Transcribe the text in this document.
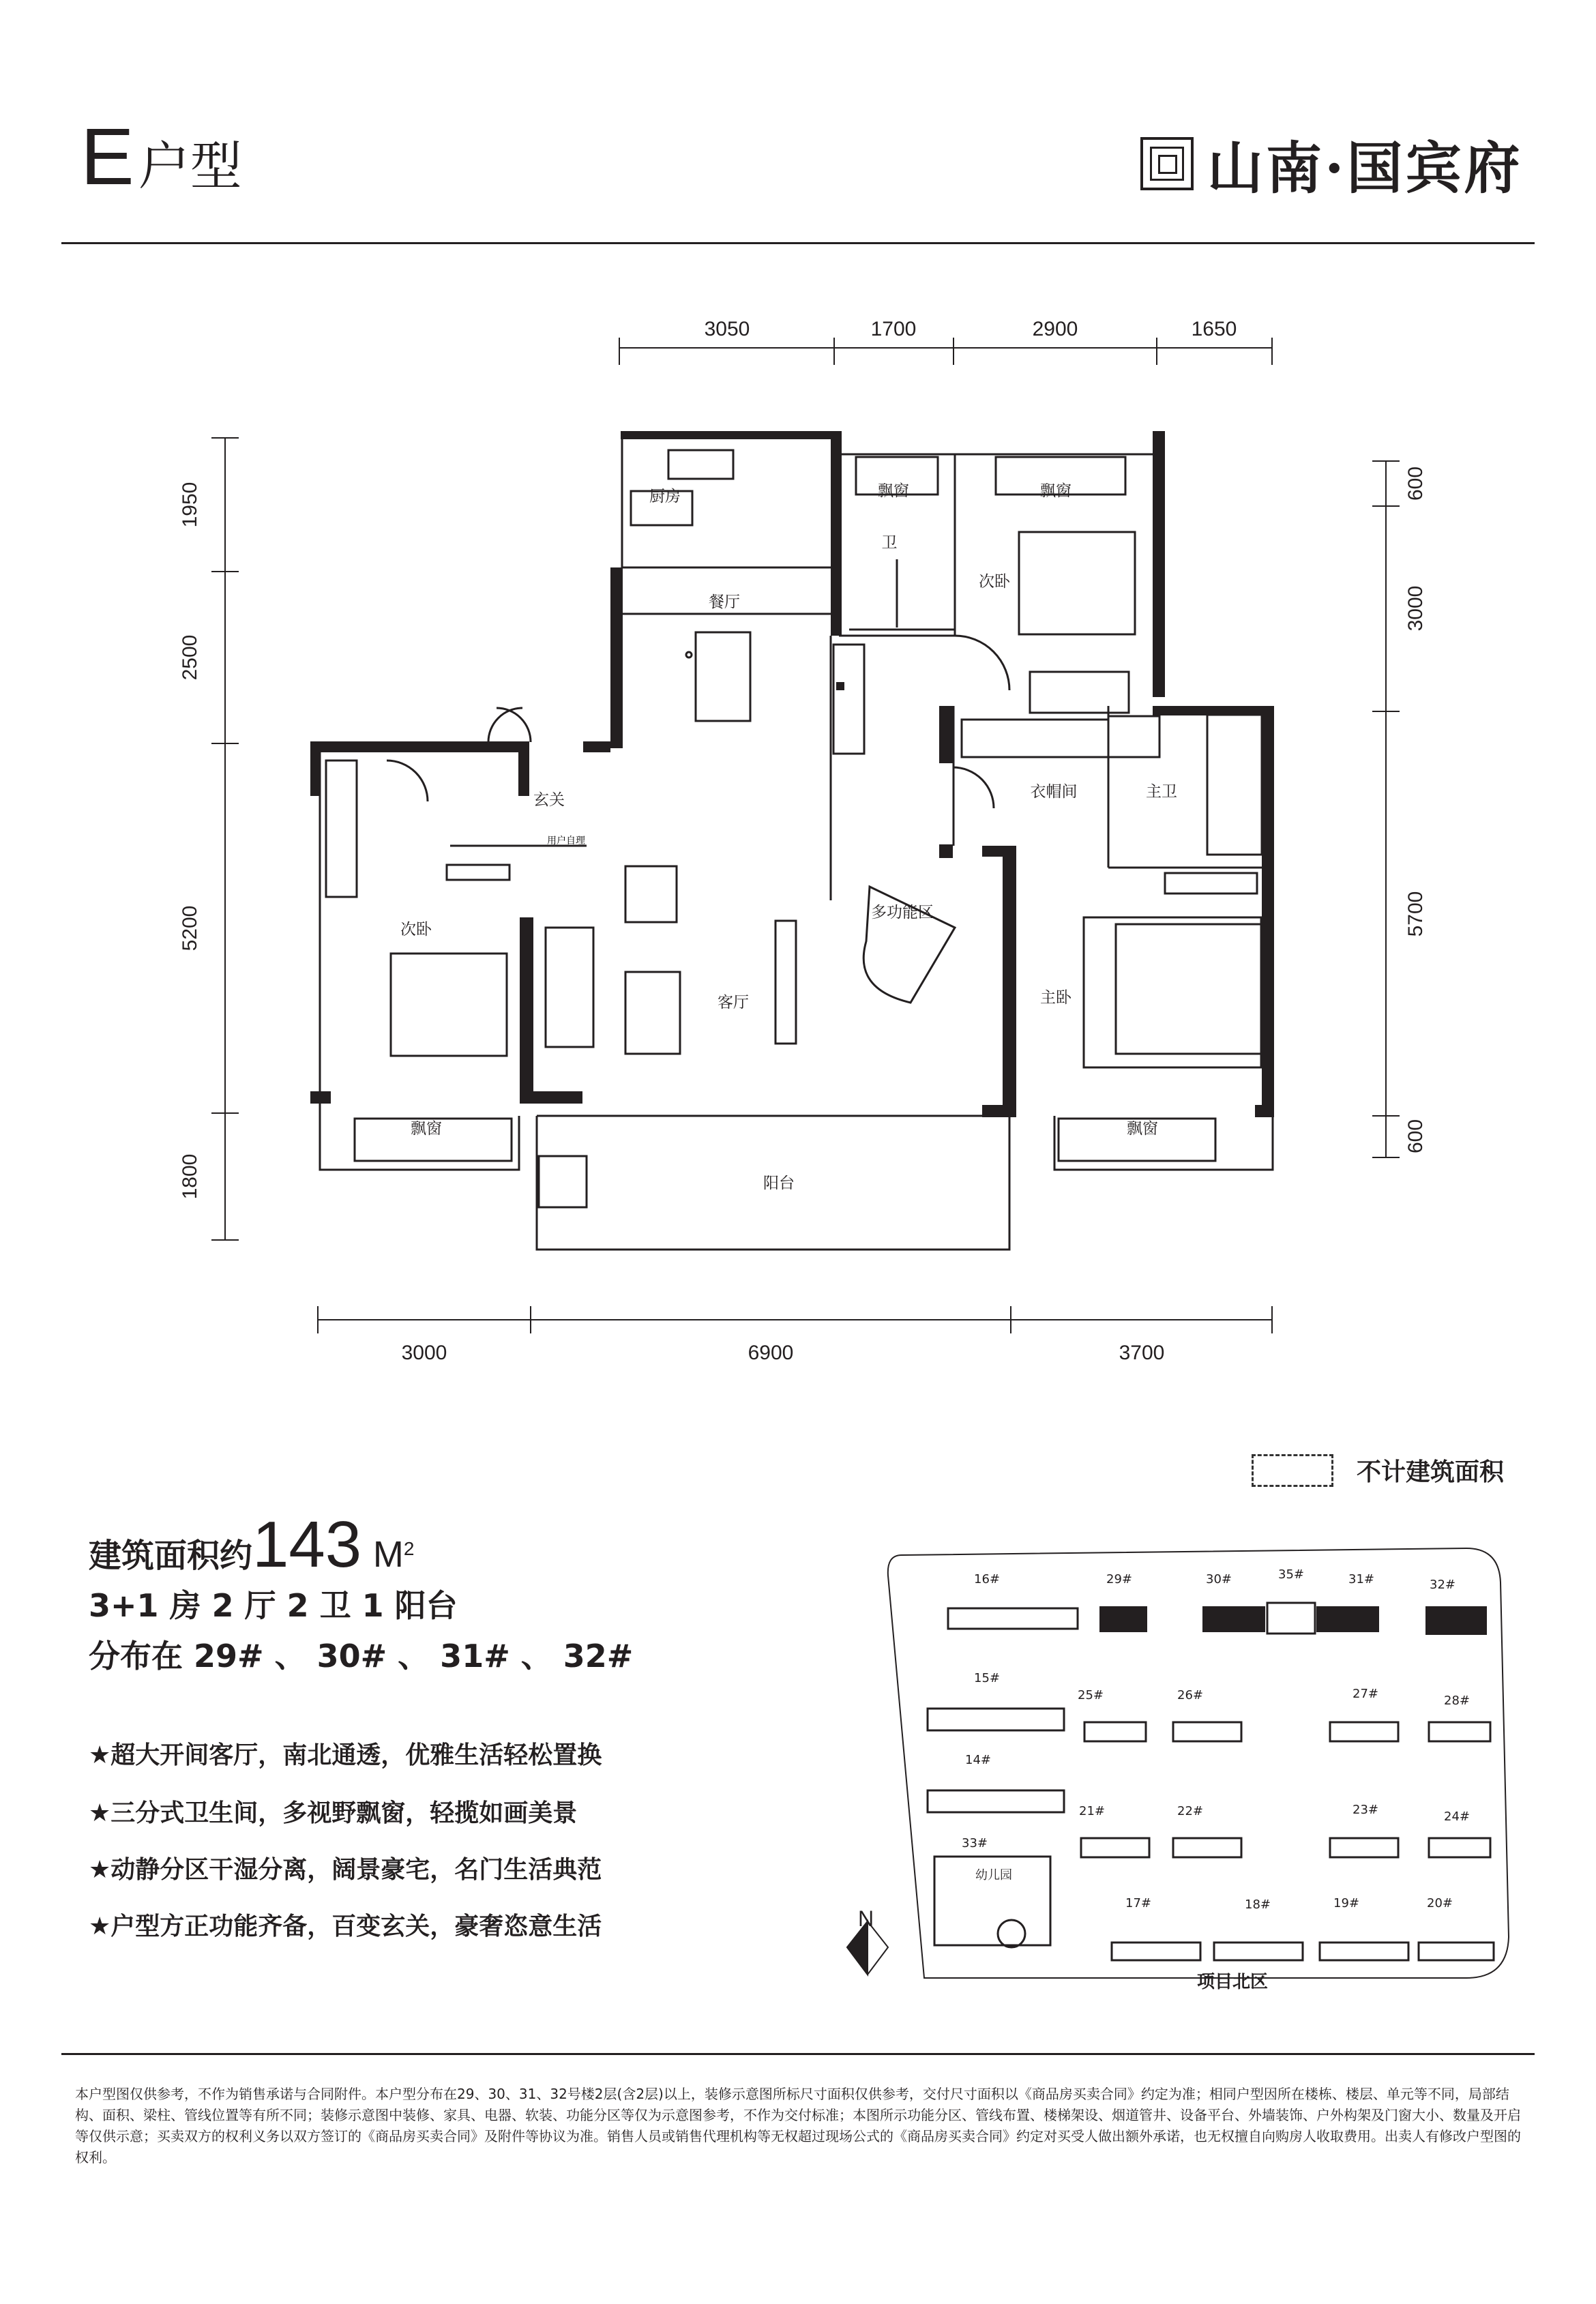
E户型	山南·国宾府
3050	1700	2900	1650
3000	6900	3700
1950
2500
5200
1800
600
3000
5700
600
厨房
餐厅
卫
飘窗	飘窗
次卧
玄关
用户自理
次卧
客厅
多功能区
衣帽间	主卫
主卧
飘窗	飘窗
阳台
N
项目北区
幼儿园
16#	29#	30#	35#	31#	32#
15#
25#	26#	27#	28#
14#
21#	22#	23#	24#
33#
17#	18#	19#	20#
不计建筑面积
建筑面积约143 $M^2$
3+1 房 2 厅 2 卫 1 阳台
分布在 29# 、 30# 、 31# 、 32#
★超大开间客厅，南北通透，优雅生活轻松置换
★三分式卫生间，多视野飘窗，轻揽如画美景
★动静分区干湿分离，阔景豪宅，名门生活典范
★户型方正功能齐备，百变玄关，豪奢恣意生活
本户型图仅供参考，不作为销售承诺与合同附件。本户型分布在29、30、31、32号楼2层(含2层)以上，装修示意图所标尺寸面积仅供参考，交付尺寸面积以《商品房买卖合同》约定为准；相同户型因所在楼栋、楼层、单元等不同，局部结构、面积、梁柱、管线位置等有所不同；装修示意图中装修、家具、电器、软装、功能分区等仅为示意图参考，不作为交付标准；本图所示功能分区、管线布置、楼梯架设、烟道管井、设备平台、外墙装饰、户外构架及门窗大小、数量及开启等仅供示意；买卖双方的权利义务以双方签订的《商品房买卖合同》及附件等协议为准。销售人员或销售代理机构等无权超过现场公式的《商品房买卖合同》约定对买受人做出额外承诺，也无权擅自向购房人收取费用。出卖人有修改户型图的权利。
